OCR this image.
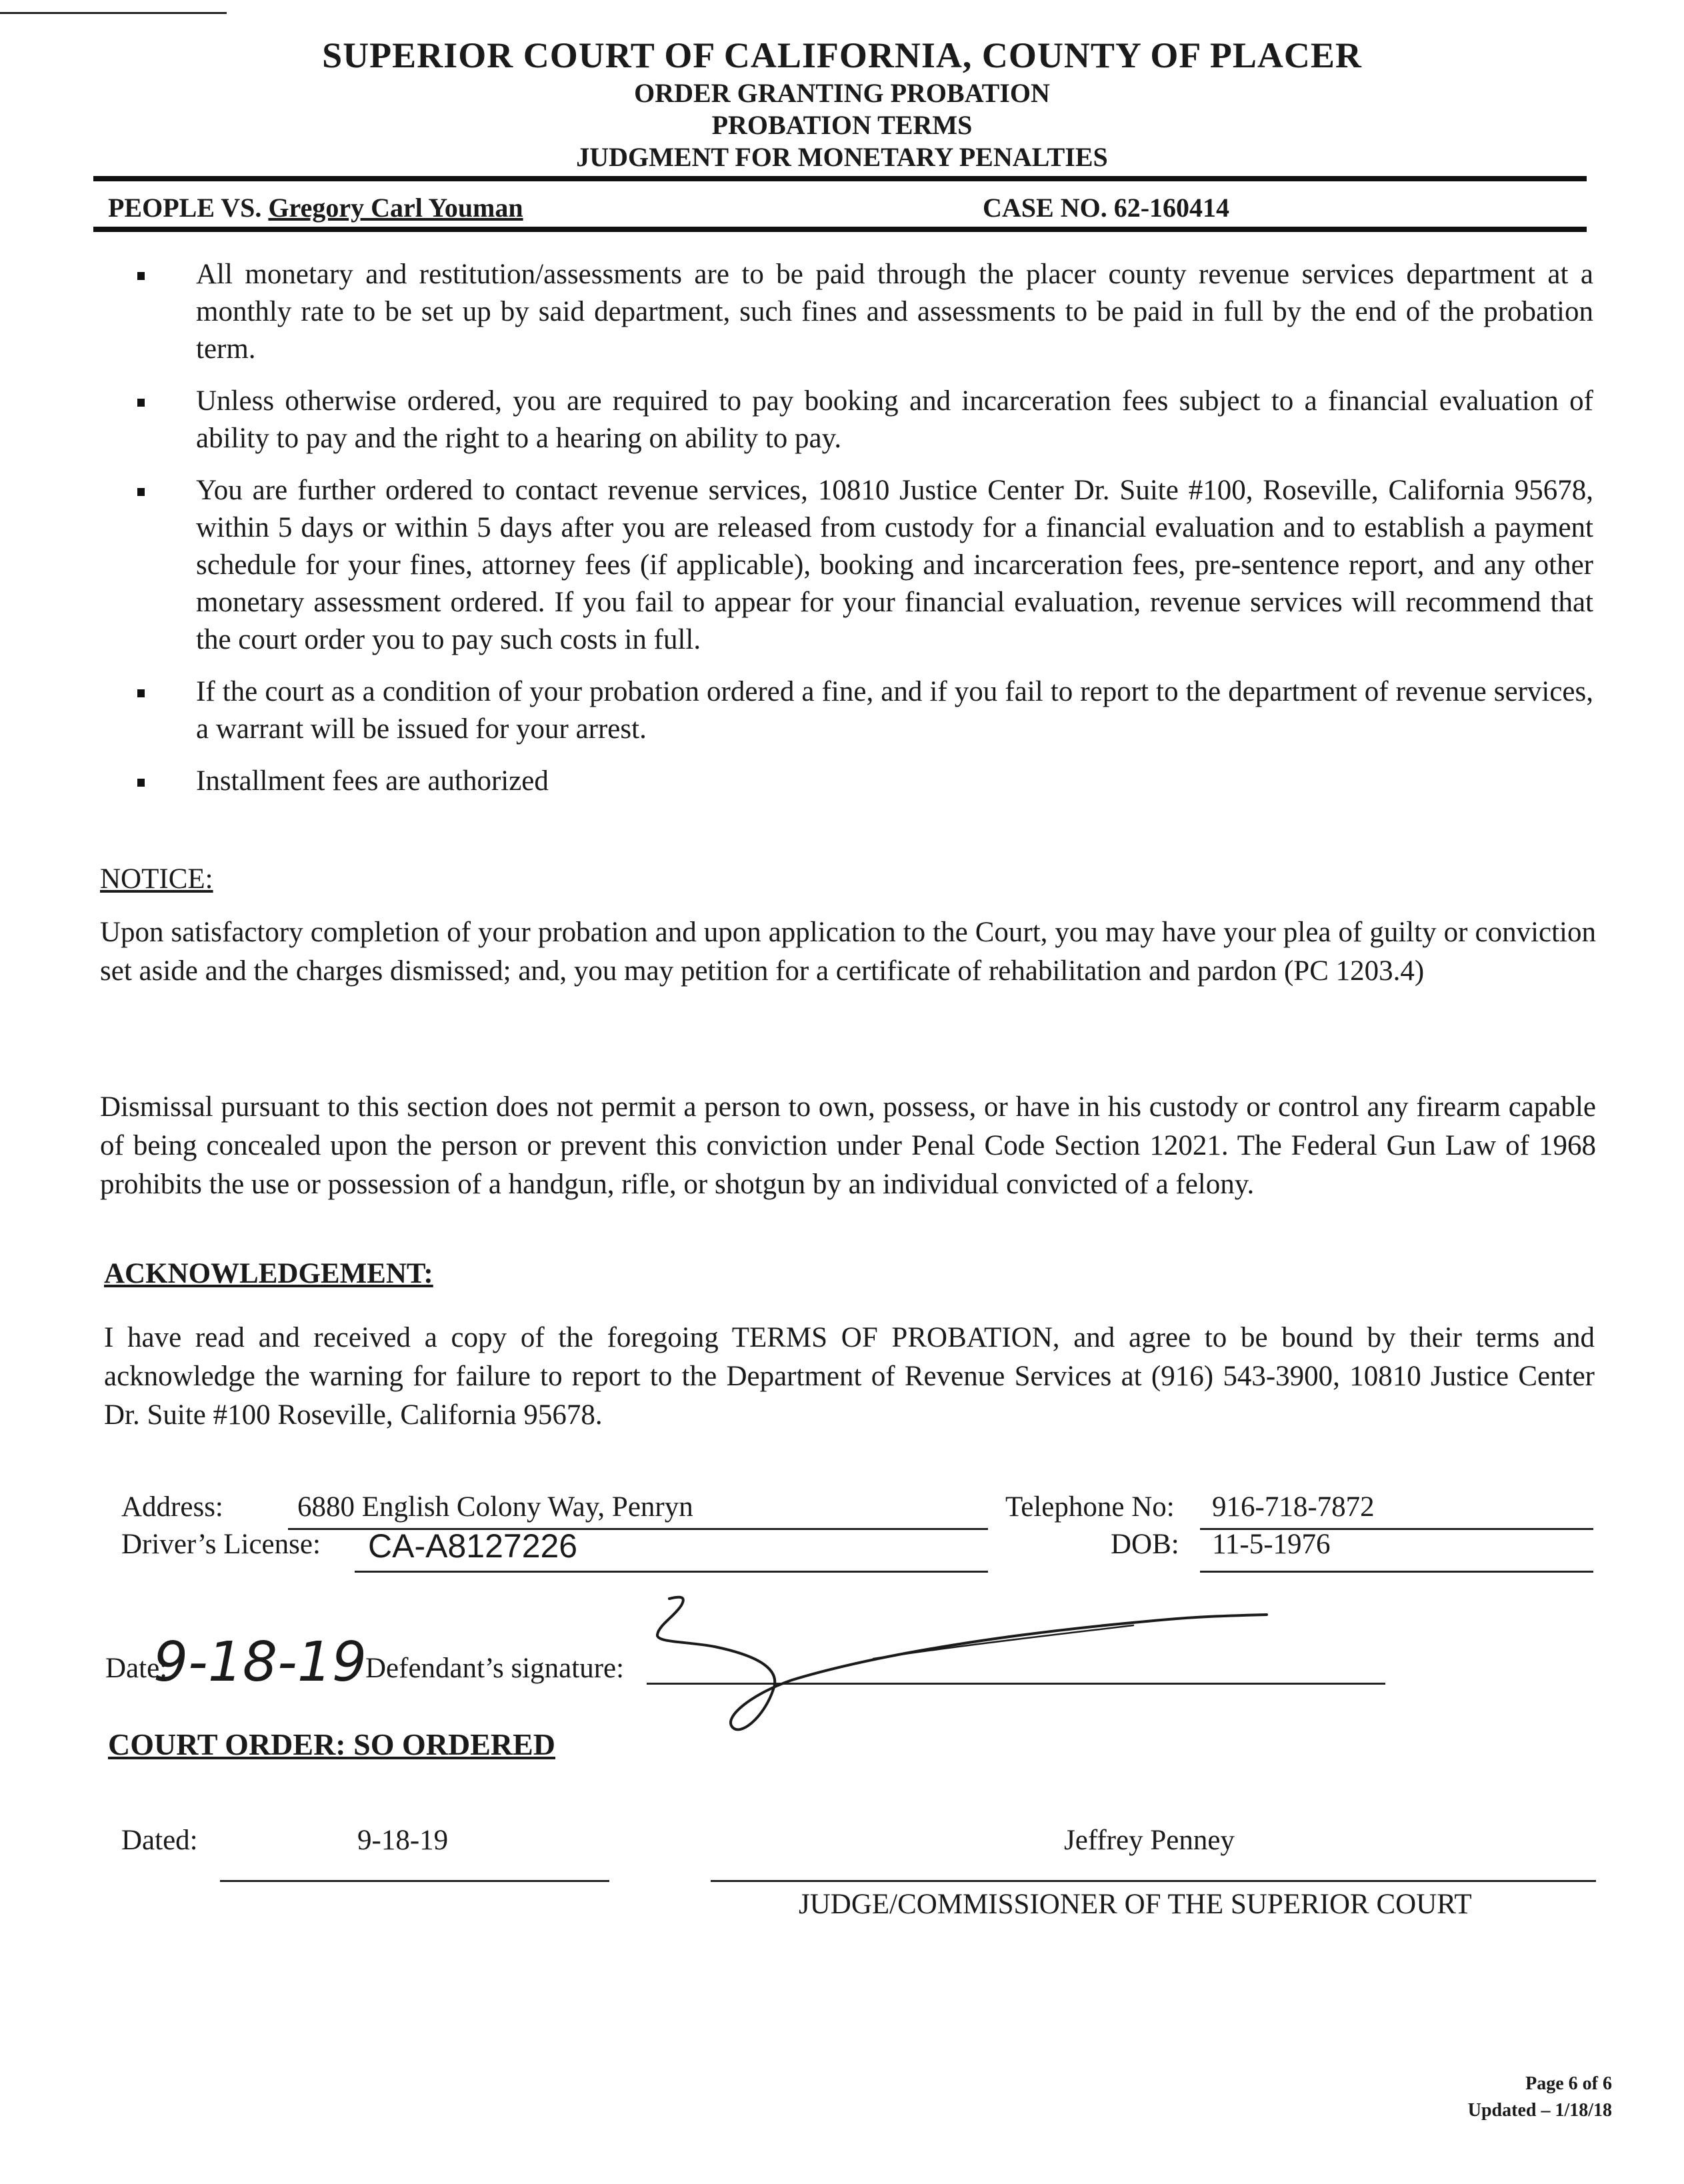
SUPERIOR COURT OF CALIFORNIA, COUNTY OF PLACER
ORDER GRANTING PROBATION
PROBATION TERMS
JUDGMENT FOR MONETARY PENALTIES
PEOPLE VS. Gregory Carl Youman	CASE NO. 62-160414
All monetary and restitution/assessments are to be paid through the placer county revenue services department at a monthly rate to be set up by said department, such fines and assessments to be paid in full by the end of the probation term.
Unless otherwise ordered, you are required to pay booking and incarceration fees subject to a financial evaluation of ability to pay and the right to a hearing on ability to pay.
You are further ordered to contact revenue services, 10810 Justice Center Dr. Suite #100, Roseville, California 95678, within 5 days or within 5 days after you are released from custody for a financial evaluation and to establish a payment schedule for your fines, attorney fees (if applicable), booking and incarceration fees, pre-sentence report, and any other monetary assessment ordered. If you fail to appear for your financial evaluation, revenue services will recommend that the court order you to pay such costs in full.
If the court as a condition of your probation ordered a fine, and if you fail to report to the department of revenue services, a warrant will be issued for your arrest.
Installment fees are authorized
NOTICE:
Upon satisfactory completion of your probation and upon application to the Court, you may have your plea of guilty or conviction set aside and the charges dismissed; and, you may petition for a certificate of rehabilitation and pardon (PC 1203.4)
Dismissal pursuant to this section does not permit a person to own, possess, or have in his custody or control any firearm capable of being concealed upon the person or prevent this conviction under Penal Code Section 12021. The Federal Gun Law of 1968 prohibits the use or possession of a handgun, rifle, or shotgun by an individual convicted of a felony.
ACKNOWLEDGEMENT:
I have read and received a copy of the foregoing TERMS OF PROBATION, and agree to be bound by their terms and acknowledge the warning for failure to report to the Department of Revenue Services at (916) 543-3900, 10810 Justice Center Dr. Suite #100 Roseville, California 95678.
Address:	6880 English Colony Way, Penryn	Telephone No: 916-718-7872
Driver’s License: CA-A8127226	DOB: 11-5-1976
Date:
9-18-19
Defendant’s signature:
COURT ORDER: SO ORDERED
Dated:	9-18-19	Jeffrey Penney
JUDGE/COMMISSIONER OF THE SUPERIOR COURT
Page 6 of 6
Updated – 1/18/18
